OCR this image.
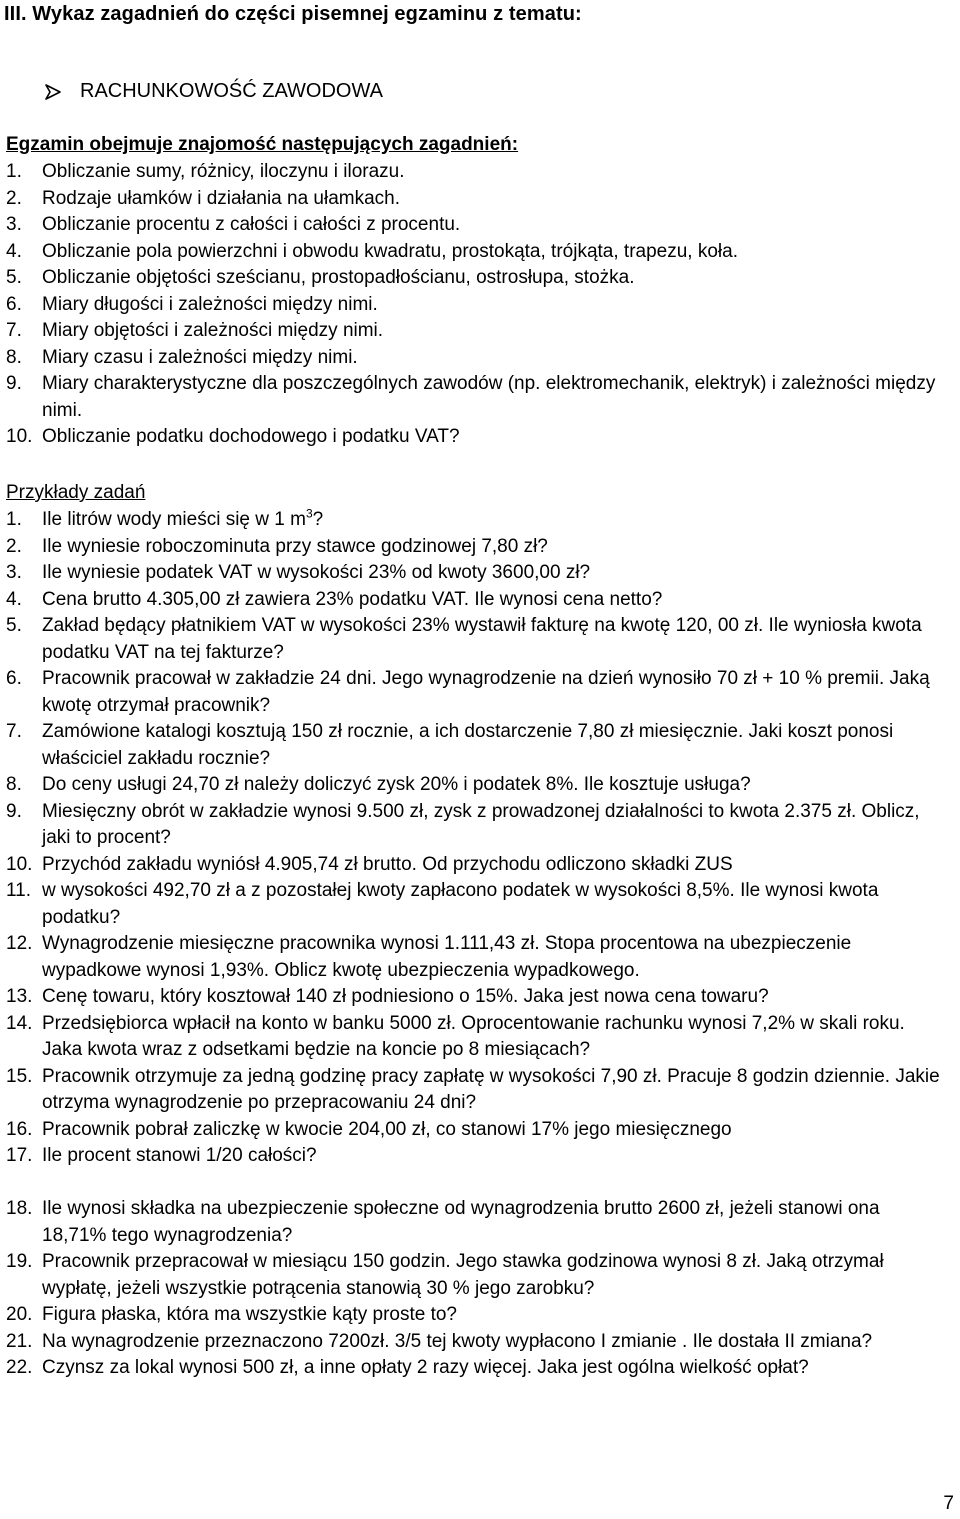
III. Wykaz zagadnień do części pisemnej egzaminu z tematu:
RACHUNKOWOŚĆ ZAWODOWA
Egzamin obejmuje znajomość następujących zagadnień:
1. Obliczanie sumy, różnicy, iloczynu i ilorazu.
2. Rodzaje ułamków i działania na ułamkach.
3. Obliczanie procentu z całości i całości z procentu.
4. Obliczanie pola powierzchni i obwodu kwadratu, prostokąta, trójkąta, trapezu, koła.
5. Obliczanie objętości sześcianu, prostopadłościanu, ostrosłupa, stożka.
6. Miary długości i zależności między nimi.
7. Miary objętości i zależności między nimi.
8. Miary czasu i zależności między nimi.
9. Miary charakterystyczne dla poszczególnych zawodów (np. elektromechanik, elektryk) i zależności między nimi.
10. Obliczanie podatku dochodowego i podatku VAT?
Przykłady zadań
1. Ile litrów wody mieści się w 1 $m^3$?
2. Ile wyniesie roboczominuta przy stawce godzinowej 7,80 zł?
3. Ile wyniesie podatek VAT w wysokości 23% od kwoty 3600,00 zł?
4. Cena brutto 4.305,00 zł zawiera 23% podatku VAT. Ile wynosi cena netto?
5. Zakład będący płatnikiem VAT w wysokości 23% wystawił fakturę na kwotę 120, 00 zł. Ile wyniosła kwota podatku VAT na tej fakturze?
6. Pracownik pracował w zakładzie 24 dni. Jego wynagrodzenie na dzień wynosiło 70 zł + 10 % premii. Jaką kwotę otrzymał pracownik?
7. Zamówione katalogi kosztują 150 zł rocznie, a ich dostarczenie 7,80 zł miesięcznie. Jaki koszt ponosi właściciel zakładu rocznie?
8. Do ceny usługi 24,70 zł należy doliczyć zysk 20% i podatek 8%. Ile kosztuje usługa?
9. Miesięczny obrót w zakładzie wynosi 9.500 zł, zysk z prowadzonej działalności to kwota 2.375 zł. Oblicz, jaki to procent?
10. Przychód zakładu wyniósł 4.905,74 zł brutto. Od przychodu odliczono składki ZUS
11. w wysokości 492,70 zł a z pozostałej kwoty zapłacono podatek w wysokości 8,5%. Ile wynosi kwota podatku?
12. Wynagrodzenie miesięczne pracownika wynosi 1.111,43 zł. Stopa procentowa na ubezpieczenie wypadkowe wynosi 1,93%. Oblicz kwotę ubezpieczenia wypadkowego.
13. Cenę towaru, który kosztował 140 zł podniesiono o 15%. Jaka jest nowa cena towaru?
14. Przedsiębiorca wpłacił na konto w banku 5000 zł. Oprocentowanie rachunku wynosi 7,2% w skali roku. Jaka kwota wraz z odsetkami będzie na koncie po 8 miesiącach?
15. Pracownik otrzymuje za jedną godzinę pracy zapłatę w wysokości 7,90 zł. Pracuje 8 godzin dziennie. Jakie otrzyma wynagrodzenie po przepracowaniu 24 dni?
16. Pracownik pobrał zaliczkę w kwocie 204,00 zł, co stanowi 17% jego miesięcznego
17. Ile procent stanowi 1/20 całości?

18. Ile wynosi składka na ubezpieczenie społeczne od wynagrodzenia brutto 2600 zł, jeżeli stanowi ona 18,71% tego wynagrodzenia?
19. Pracownik przepracował w miesiącu 150 godzin. Jego stawka godzinowa wynosi 8 zł. Jaką otrzymał wypłatę, jeżeli wszystkie potrącenia stanowią 30 % jego zarobku?
20. Figura płaska, która ma wszystkie kąty proste to?
21. Na wynagrodzenie przeznaczono 7200zł. 3/5 tej kwoty wypłacono I zmianie . Ile dostała II zmiana?
22. Czynsz za lokal wynosi 500 zł, a inne opłaty 2 razy więcej. Jaka jest ogólna wielkość opłat?
7
